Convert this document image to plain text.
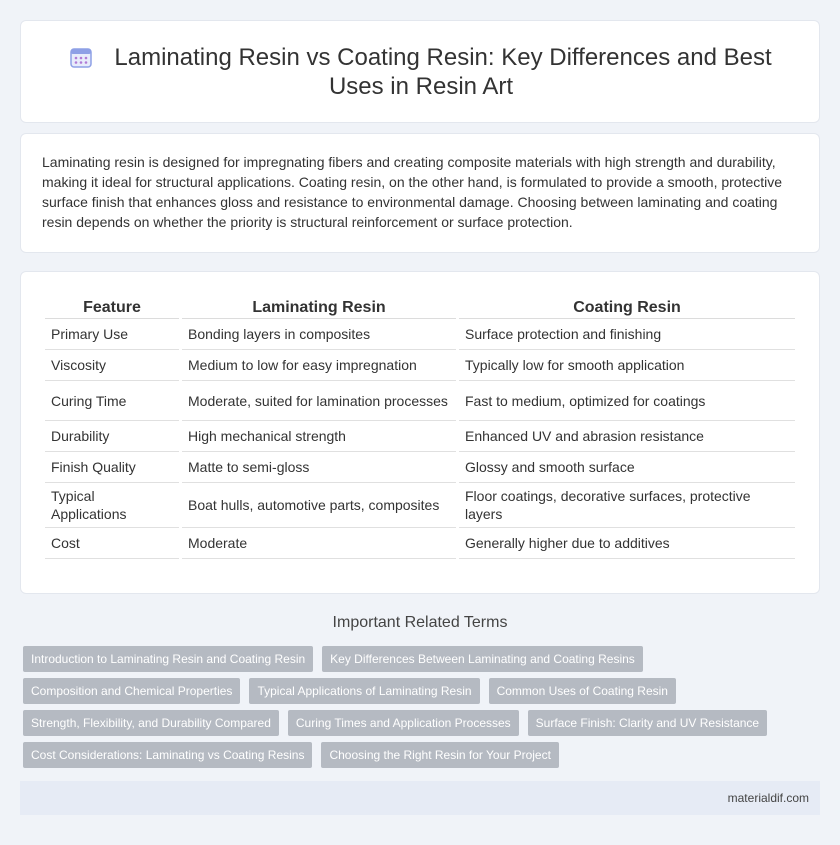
Laminating Resin vs Coating Resin: Key Differences and Best Uses in Resin Art

Laminating resin is designed for impregnating fibers and creating composite materials with high strength and durability, making it ideal for structural applications. Coating resin, on the other hand, is formulated to provide a smooth, protective surface finish that enhances gloss and resistance to environmental damage. Choosing between laminating and coating resin depends on whether the priority is structural reinforcement or surface protection.

Feature	Laminating Resin	Coating Resin
Primary Use	Bonding layers in composites	Surface protection and finishing
Viscosity	Medium to low for easy impregnation	Typically low for smooth application
Curing Time	Moderate, suited for lamination processes	Fast to medium, optimized for coatings
Durability	High mechanical strength	Enhanced UV and abrasion resistance
Finish Quality	Matte to semi-gloss	Glossy and smooth surface
Typical Applications	Boat hulls, automotive parts, composites	Floor coatings, decorative surfaces, protective layers
Cost	Moderate	Generally higher due to additives
Important Related Terms
Introduction to Laminating Resin and Coating Resin	Key Differences Between Laminating and Coating Resins
Composition and Chemical Properties	Typical Applications of Laminating Resin	Common Uses of Coating Resin
Strength, Flexibility, and Durability Compared	Curing Times and Application Processes	Surface Finish: Clarity and UV Resistance
Cost Considerations: Laminating vs Coating Resins	Choosing the Right Resin for Your Project
materialdif.com
